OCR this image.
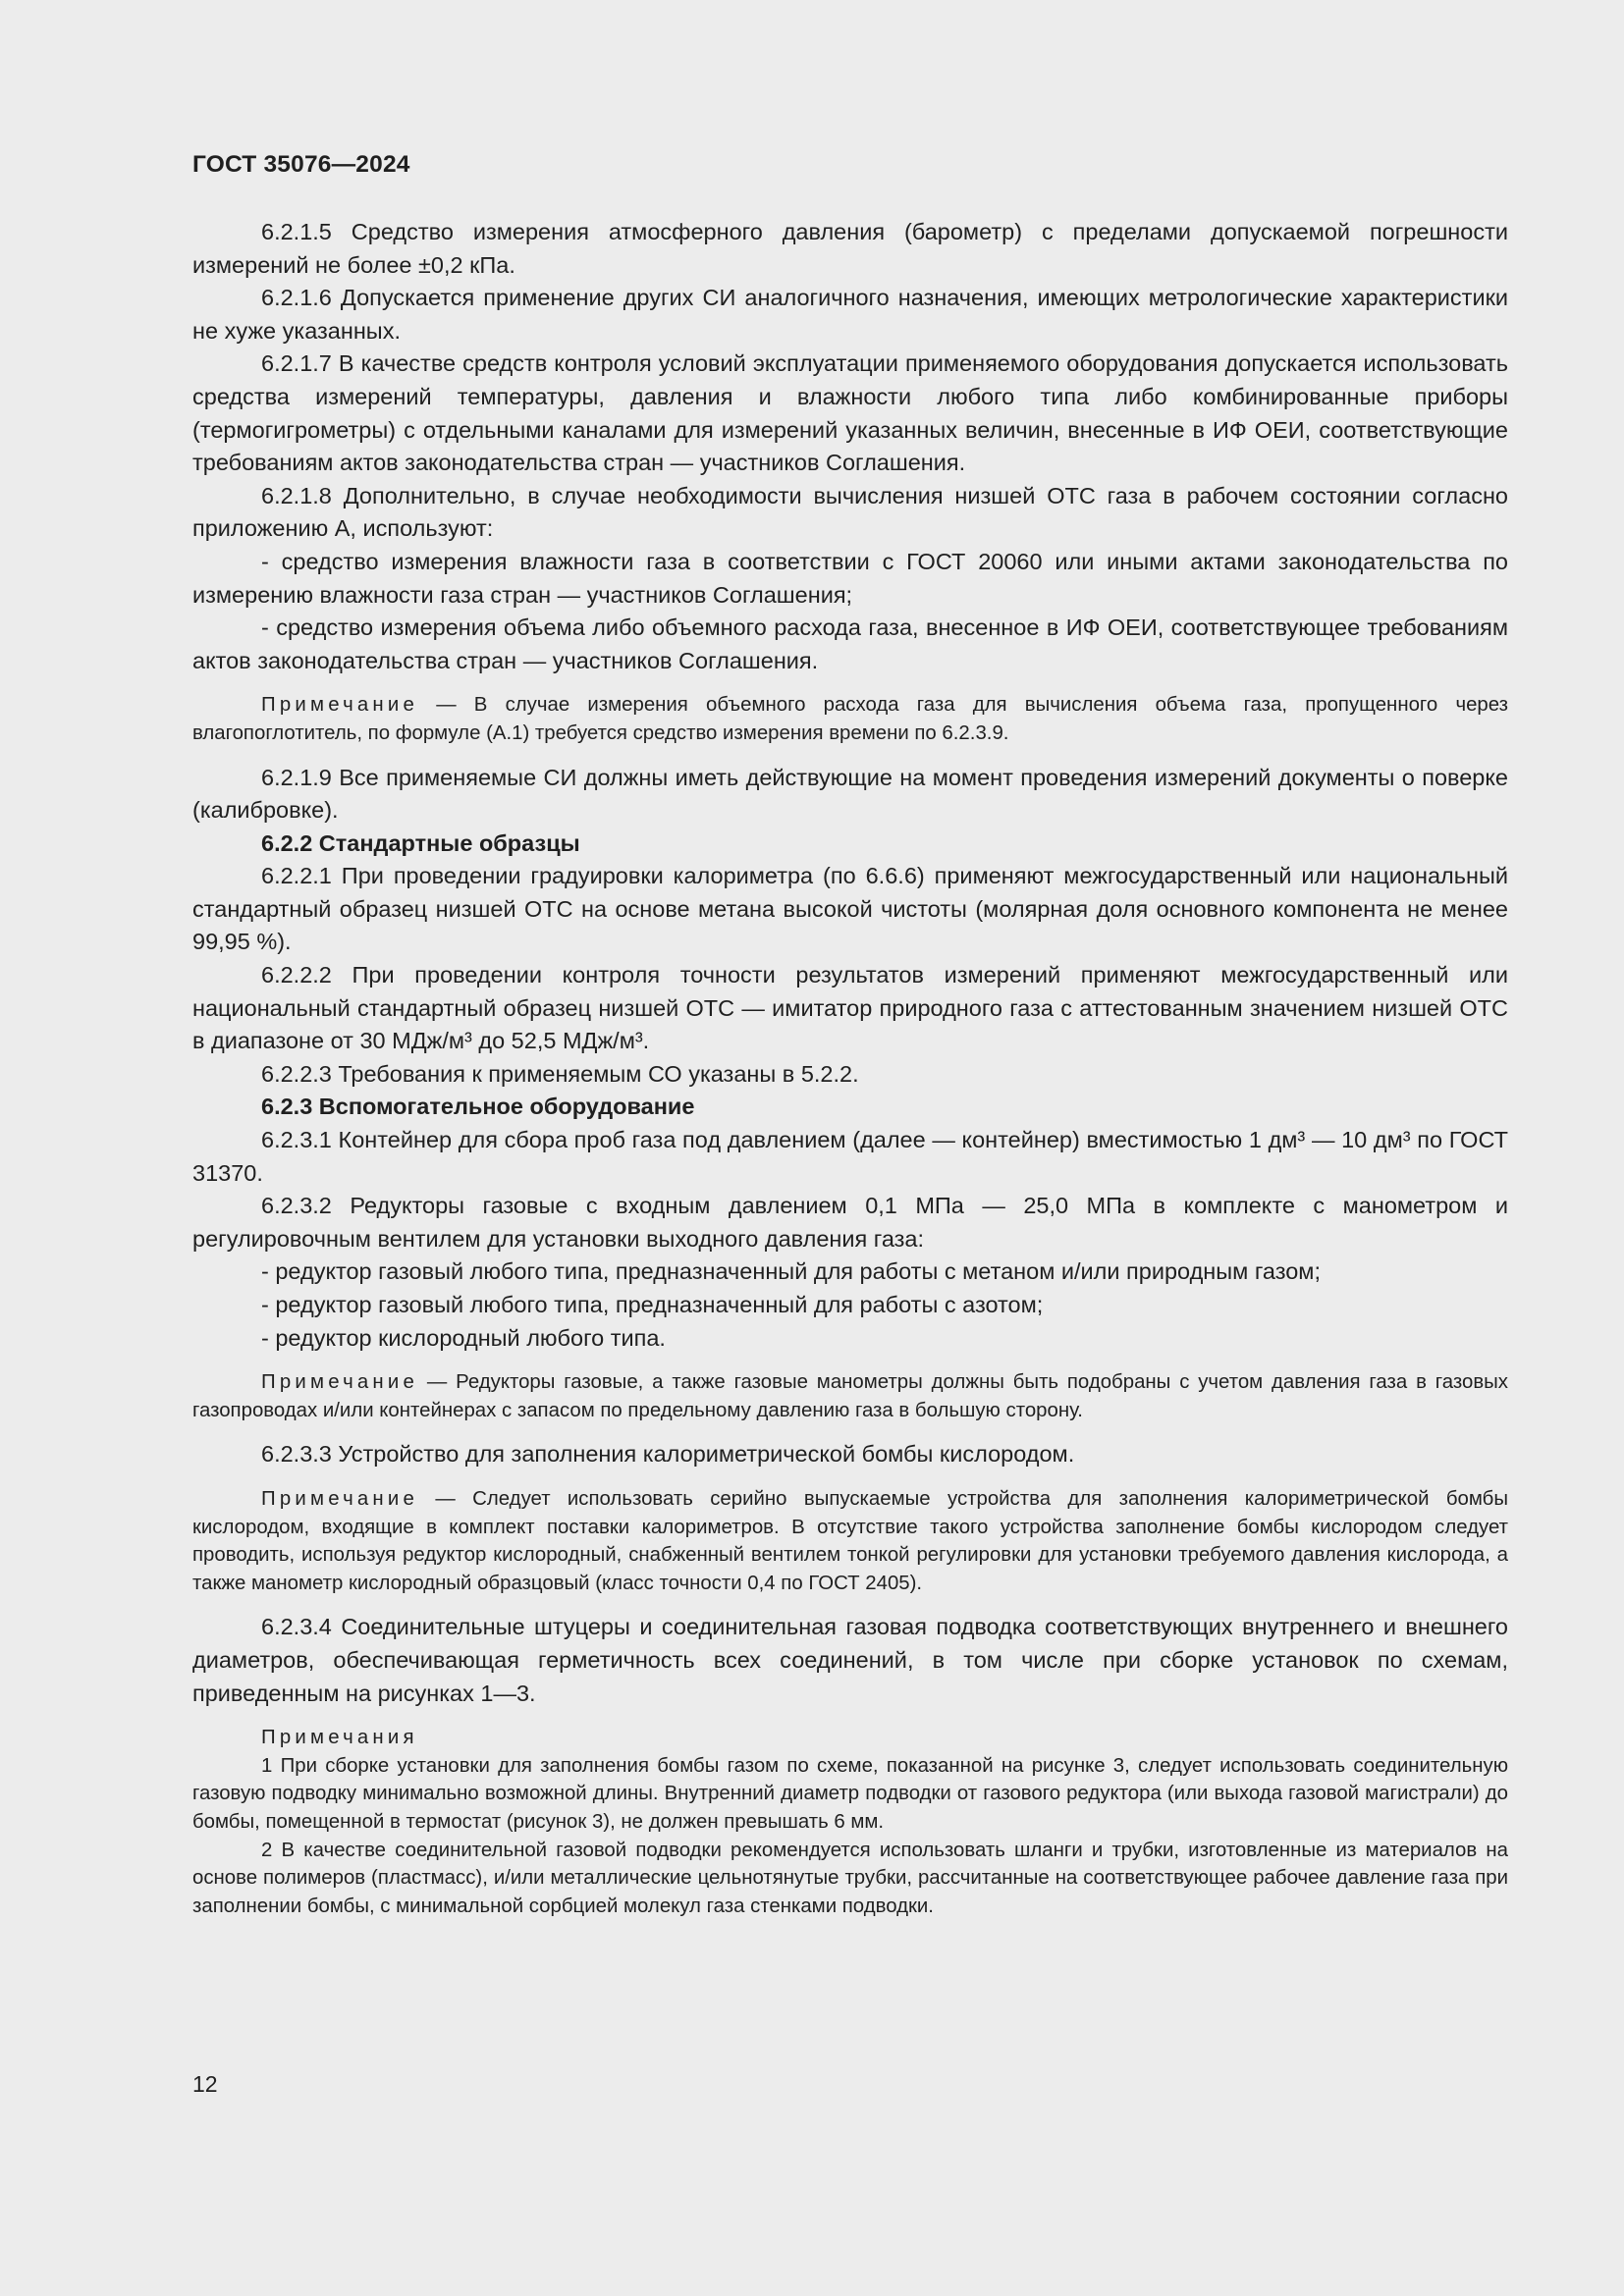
ГОСТ 35076—2024

6.2.1.5 Средство измерения атмосферного давления (барометр) с пределами допускаемой погрешности измерений не более ±0,2 кПа.

6.2.1.6 Допускается применение других СИ аналогичного назначения, имеющих метрологические характеристики не хуже указанных.

6.2.1.7 В качестве средств контроля условий эксплуатации применяемого оборудования допускается использовать средства измерений температуры, давления и влажности любого типа либо комбинированные приборы (термогигрометры) с отдельными каналами для измерений указанных величин, внесенные в ИФ ОЕИ, соответствующие требованиям актов законодательства стран — участников Соглашения.

6.2.1.8 Дополнительно, в случае необходимости вычисления низшей ОТС газа в рабочем состоянии согласно приложению А, используют:

- средство измерения влажности газа в соответствии с ГОСТ 20060 или иными актами законодательства по измерению влажности газа стран — участников Соглашения;

- средство измерения объема либо объемного расхода газа, внесенное в ИФ ОЕИ, соответствующее требованиям актов законодательства стран — участников Соглашения.

Примечание — В случае измерения объемного расхода газа для вычисления объема газа, пропущенного через влагопоглотитель, по формуле (А.1) требуется средство измерения времени по 6.2.3.9.

6.2.1.9 Все применяемые СИ должны иметь действующие на момент проведения измерений документы о поверке (калибровке).

6.2.2 Стандартные образцы

6.2.2.1 При проведении градуировки калориметра (по 6.6.6) применяют межгосударственный или национальный стандартный образец низшей ОТС на основе метана высокой чистоты (молярная доля основного компонента не менее 99,95 %).

6.2.2.2 При проведении контроля точности результатов измерений применяют межгосударственный или национальный стандартный образец низшей ОТС — имитатор природного газа с аттестованным значением низшей ОТС в диапазоне от 30 МДж/м³ до 52,5 МДж/м³.

6.2.2.3 Требования к применяемым СО указаны в 5.2.2.

6.2.3 Вспомогательное оборудование

6.2.3.1 Контейнер для сбора проб газа под давлением (далее — контейнер) вместимостью 1 дм³ — 10 дм³ по ГОСТ 31370.

6.2.3.2 Редукторы газовые с входным давлением 0,1 МПа — 25,0 МПа в комплекте с манометром и регулировочным вентилем для установки выходного давления газа:

- редуктор газовый любого типа, предназначенный для работы с метаном и/или природным газом;

- редуктор газовый любого типа, предназначенный для работы с азотом;

- редуктор кислородный любого типа.

Примечание — Редукторы газовые, а также газовые манометры должны быть подобраны с учетом давления газа в газовых газопроводах и/или контейнерах с запасом по предельному давлению газа в большую сторону.

6.2.3.3 Устройство для заполнения калориметрической бомбы кислородом.

Примечание — Следует использовать серийно выпускаемые устройства для заполнения калориметрической бомбы кислородом, входящие в комплект поставки калориметров. В отсутствие такого устройства заполнение бомбы кислородом следует проводить, используя редуктор кислородный, снабженный вентилем тонкой регулировки для установки требуемого давления кислорода, а также манометр кислородный образцовый (класс точности 0,4 по ГОСТ 2405).

6.2.3.4 Соединительные штуцеры и соединительная газовая подводка соответствующих внутреннего и внешнего диаметров, обеспечивающая герметичность всех соединений, в том числе при сборке установок по схемам, приведенным на рисунках 1—3.

Примечания

1 При сборке установки для заполнения бомбы газом по схеме, показанной на рисунке 3, следует использовать соединительную газовую подводку минимально возможной длины. Внутренний диаметр подводки от газового редуктора (или выхода газовой магистрали) до бомбы, помещенной в термостат (рисунок 3), не должен превышать 6 мм.

2 В качестве соединительной газовой подводки рекомендуется использовать шланги и трубки, изготовленные из материалов на основе полимеров (пластмасс), и/или металлические цельнотянутые трубки, рассчитанные на соответствующее рабочее давление газа при заполнении бомбы, с минимальной сорбцией молекул газа стенками подводки.

12
